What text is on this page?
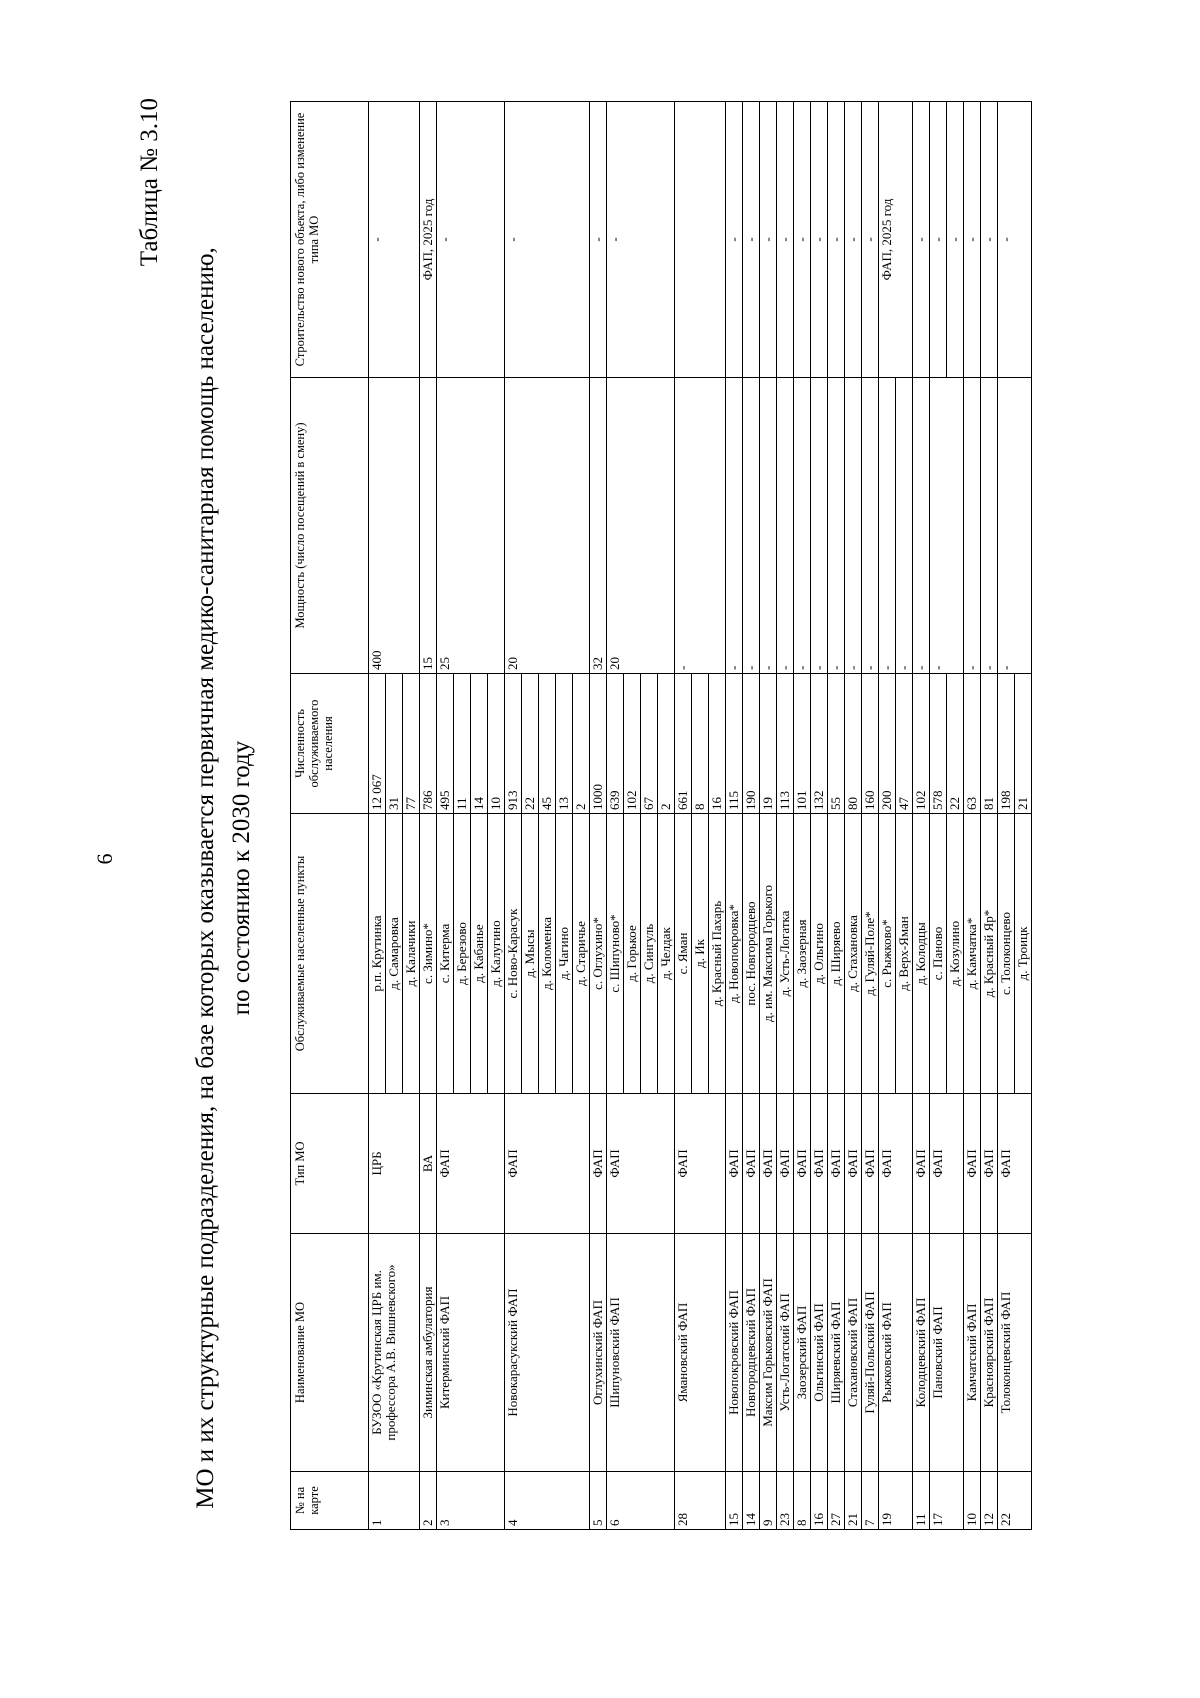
6
Таблица № 3.10
МО и их структурные подразделения, на базе которых оказывается первичная медико-санитарная помощь населению, по состоянию к 2030 году
№ на карте	Наименование МО	Тип МО	Обслуживаемые населенные пункты	Численность обслуживаемого населения	Мощность (число посещений в смену)	Строительство нового объекта, либо изменение типа МО
1	БУЗОО «Крутинская ЦРБ им. профессора А.В. Вишневского»	ЦРБ	р.п. Крутинка	12 067	400	-
			д. Самаровка	31		
			д. Калачики	77		
2	Зиминская амбулатория	ВА	с. Зимино*	786	15	ФАП, 2025 год
3	Китерминский ФАП	ФАП	с. Китерма	495	25	-
			д. Березово	11		
			д. Кабанье	14		
			д. Калугино	10		
4	Новокарасукский ФАП	ФАП	с. Ново-Карасук	913	20	-
			д. Мысы	22		
			д. Коломенка	45		
			д. Чагино	13		
			д. Старичье	2		
5	Оглухинский ФАП	ФАП	с. Оглухино*	1000	32	-
6	Шипуновский ФАП	ФАП	с. Шипуново*	639	20	-
			д. Горькое	102		
			д. Сингуль	67		
			д. Челдак	2		
28	Ямановский ФАП	ФАП	с. Яман	661	-	
			д. Ик	8		
			д. Красный Пахарь	16		
15	Новопокровский ФАП	ФАП	д. Новопокровка*	115	-	-
14	Новгородцевский ФАП	ФАП	пос. Новгородцево	190	-	-
9	Максим Горьковский ФАП	ФАП	д. им. Максима Горького	19	-	-
23	Усть-Логатский ФАП	ФАП	д. Усть-Логатка	113	-	-
8	Заозерский ФАП	ФАП	д. Заозерная	101	-	-
16	Ольгинский ФАП	ФАП	д. Ольгино	132	-	-
27	Ширяевский ФАП	ФАП	д. Ширяево	55	-	-
21	Стахановский ФАП	ФАП	д. Стахановка	80	-	-
7	Гуляй-Польский ФАП	ФАП	д. Гуляй-Поле*	160	-	-
19	Рыжковский ФАП	ФАП	с. Рыжково*	200	-	ФАП, 2025 год
			д. Верх-Яман	47	-	
11	Колодцевский ФАП	ФАП	д. Колодцы	102	-	-
17	Пановский ФАП	ФАП	с. Паново	578	-	-
			д. Козулино	22		-
10	Камчатский ФАП	ФАП	д. Камчатка*	63	-	-
12	Красноярский ФАП	ФАП	д. Красный Яр*	81	-	-
22	Толоконцевский ФАП	ФАП	с. Толоконцево	198	-	-
			д. Троицк	21		
